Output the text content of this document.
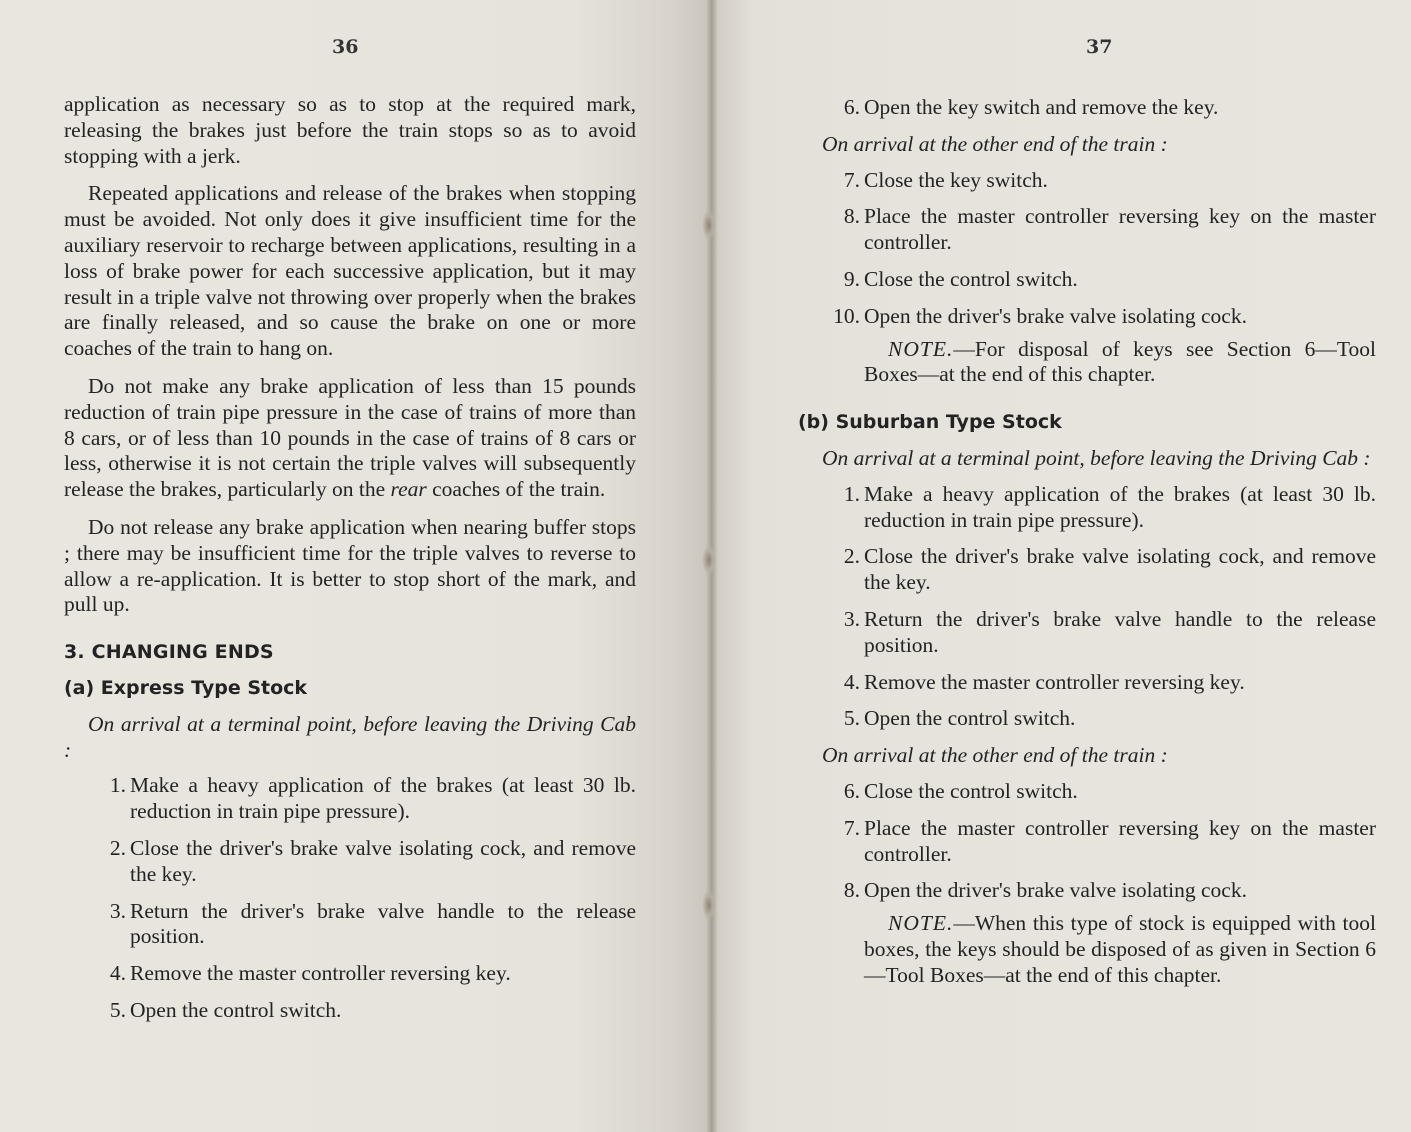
36

application as necessary so as to stop at the required mark, releasing the brakes just before the train stops so as to avoid stopping with a jerk.

Repeated applications and release of the brakes when stopping must be avoided. Not only does it give insufficient time for the auxiliary reservoir to recharge between applications, resulting in a loss of brake power for each successive application, but it may result in a triple valve not throwing over properly when the brakes are finally released, and so cause the brake on one or more coaches of the train to hang on.

Do not make any brake application of less than 15 pounds reduction of train pipe pressure in the case of trains of more than 8 cars, or of less than 10 pounds in the case of trains of 8 cars or less, otherwise it is not certain the triple valves will subsequently release the brakes, particularly on the rear coaches of the train.

Do not release any brake application when nearing buffer stops ; there may be insufficient time for the triple valves to reverse to allow a re-application. It is better to stop short of the mark, and pull up.

3. CHANGING ENDS
(a) Express Type Stock

On arrival at a terminal point, before leaving the Driving Cab :

1. Make a heavy application of the brakes (at least 30 lb. reduction in train pipe pressure).
2. Close the driver's brake valve isolating cock, and remove the key.
3. Return the driver's brake valve handle to the release position.
4. Remove the master controller reversing key.
5. Open the control switch.
37
6. Open the key switch and remove the key.

On arrival at the other end of the train :

7. Close the key switch.
8. Place the master controller reversing key on the master controller.
9. Close the control switch.
10. Open the driver's brake valve isolating cock.

NOTE.—For disposal of keys see Section 6—Tool Boxes—at the end of this chapter.

(b) Suburban Type Stock

On arrival at a terminal point, before leaving the Driving Cab :

1. Make a heavy application of the brakes (at least 30 lb. reduction in train pipe pressure).
2. Close the driver's brake valve isolating cock, and remove the key.
3. Return the driver's brake valve handle to the release position.
4. Remove the master controller reversing key.
5. Open the control switch.

On arrival at the other end of the train :

6. Close the control switch.
7. Place the master controller reversing key on the master controller.
8. Open the driver's brake valve isolating cock.

NOTE.—When this type of stock is equipped with tool boxes, the keys should be disposed of as given in Section 6—Tool Boxes—at the end of this chapter.
